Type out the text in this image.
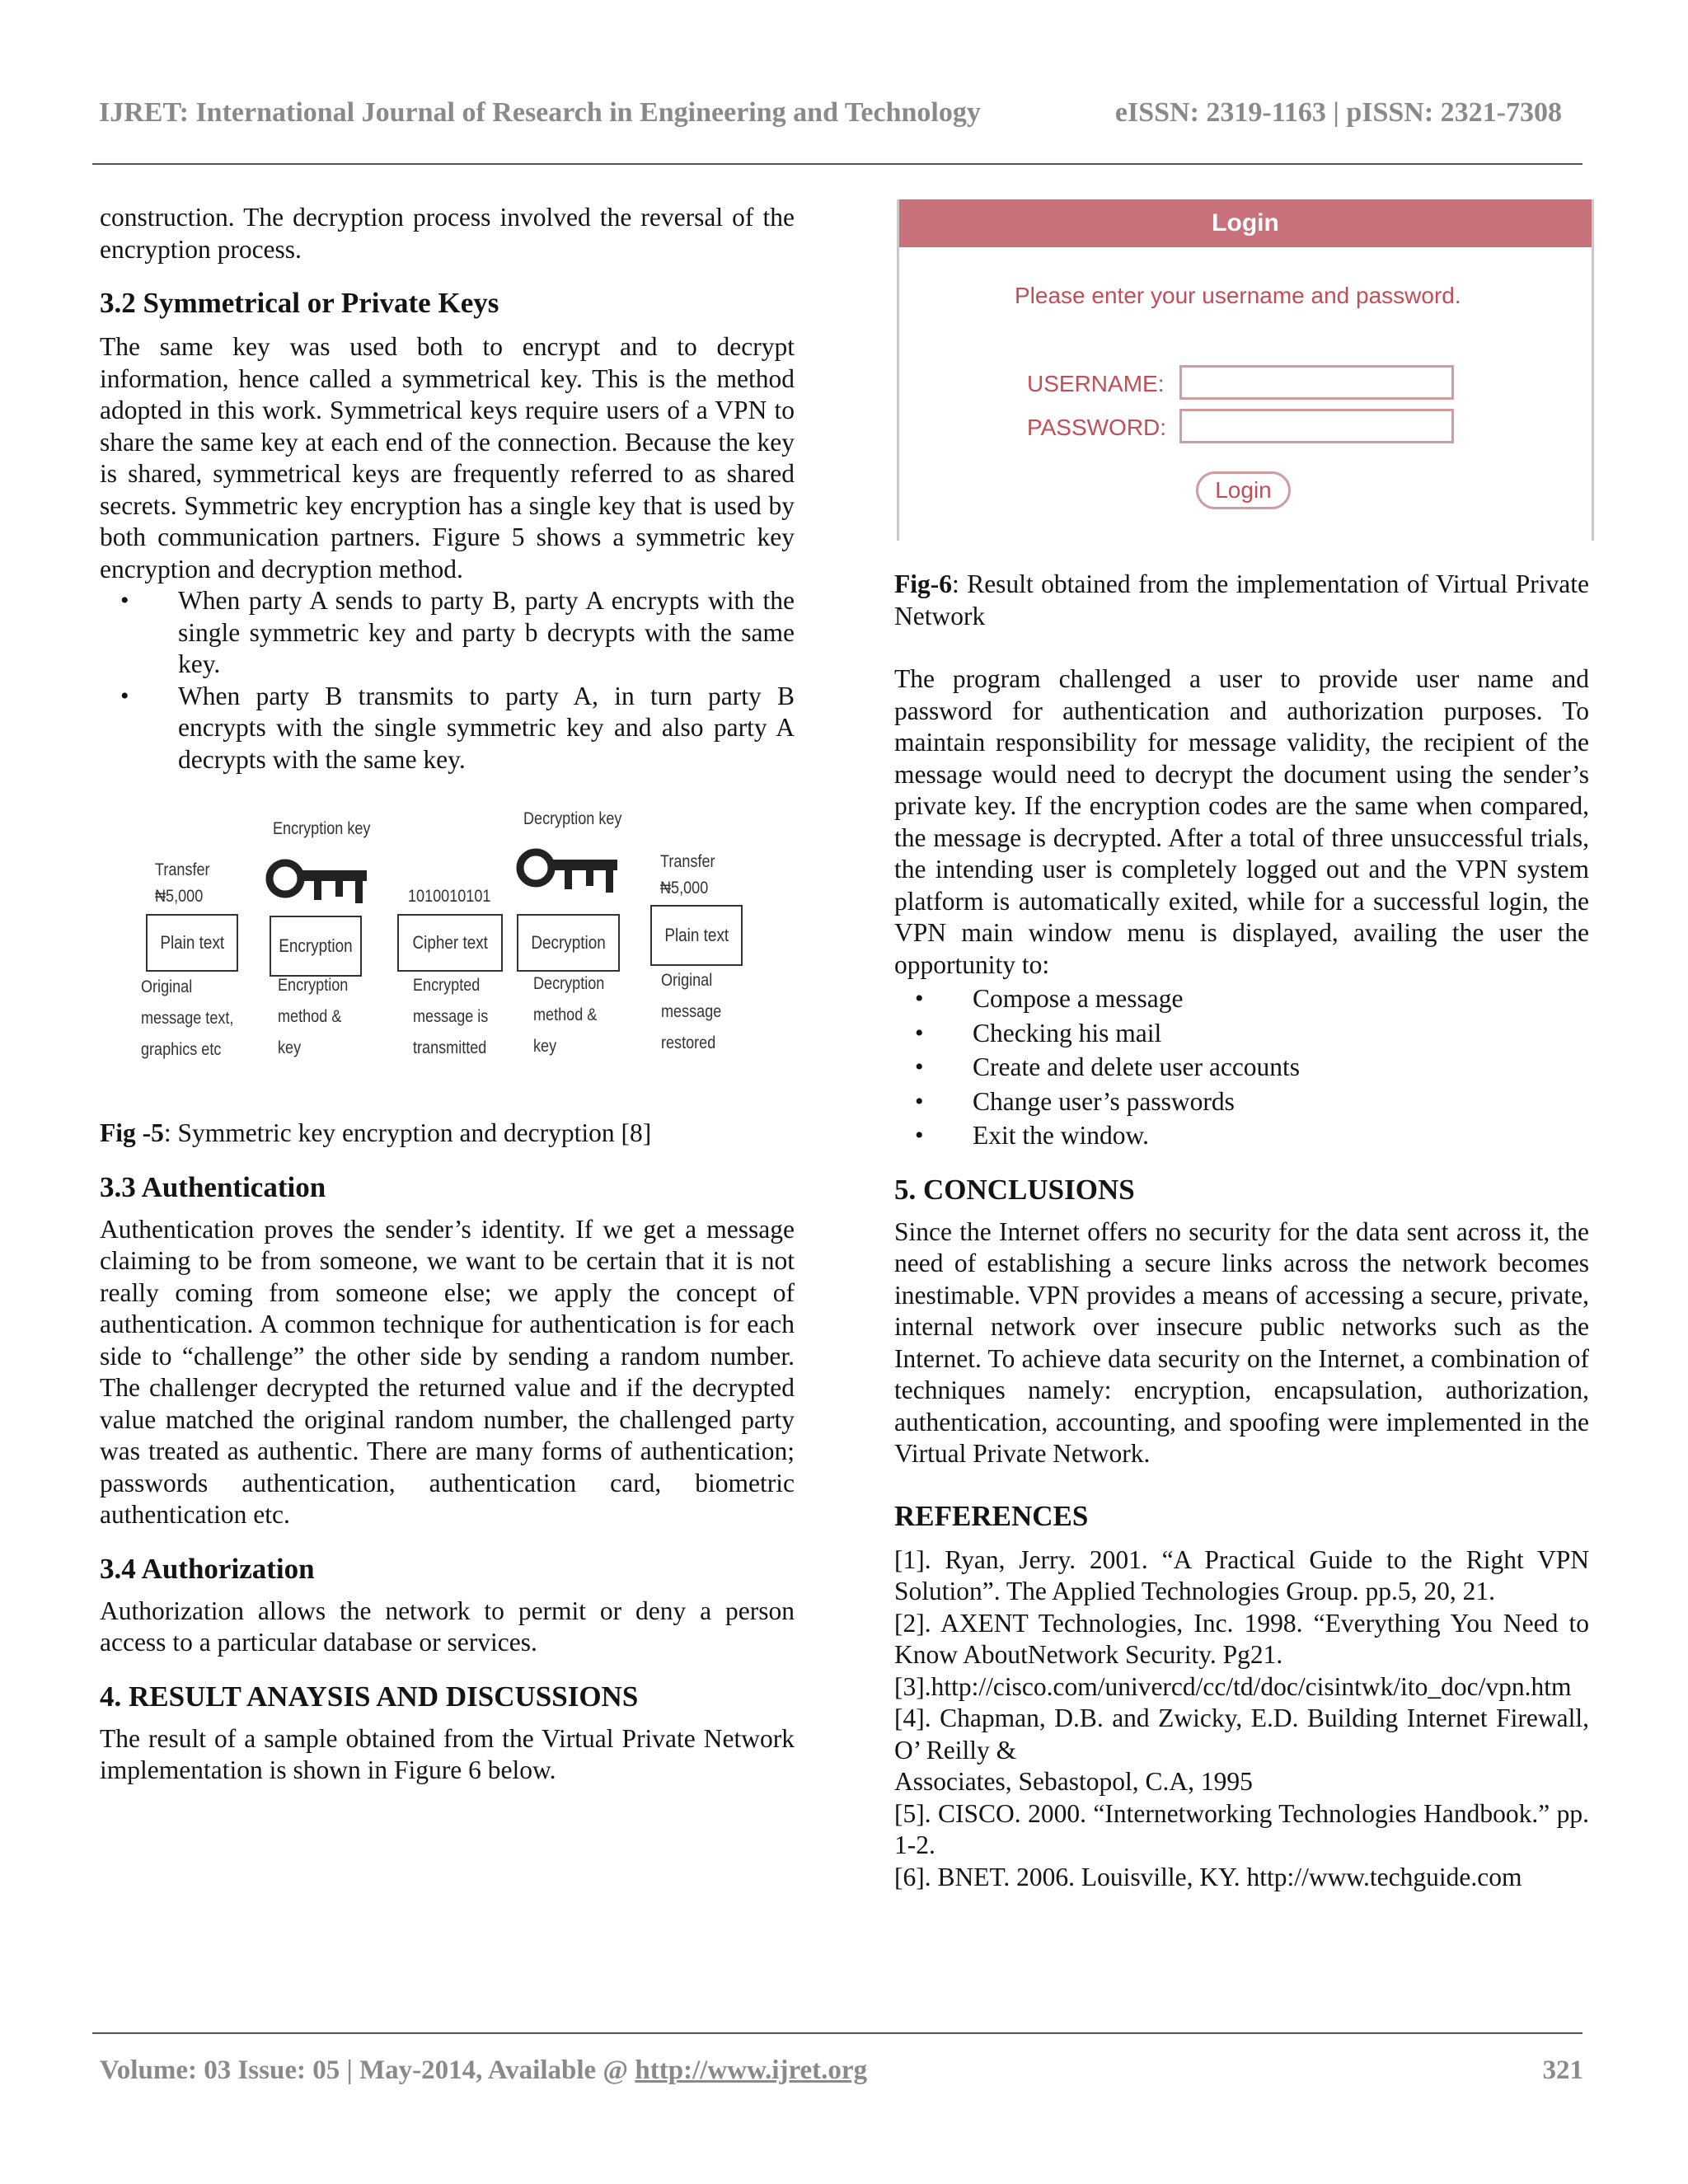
IJRET: International Journal of Research in Engineering and Technology	eISSN: 2319-1163 | pISSN: 2321-7308

construction. The decryption process involved the reversal of the encryption process.

3.2 Symmetrical or Private Keys

The same key was used both to encrypt and to decrypt information, hence called a symmetrical key. This is the method adopted in this work. Symmetrical keys require users of a VPN to share the same key at each end of the connection. Because the key is shared, symmetrical keys are frequently referred to as shared secrets. Symmetric key encryption has a single key that is used by both communication partners. Figure 5 shows a symmetric key encryption and decryption method.

• When party A sends to party B, party A encrypts with the single symmetric key and party b decrypts with the same key.
• When party B transmits to party A, in turn party B encrypts with the single symmetric key and also party A decrypts with the same key.
Encryption key
Decryption key
Transfer
₦5,000	1010010101
Transfer
₦5,000
Plain text	Encryption	Cipher text Decryption	Plain text
Original
message text,
graphics etc
Encryption
method &
key
Encrypted
message is
transmitted
Decryption
method &
key
Original
message
restored

Fig -5: Symmetric key encryption and decryption [8]

3.3 Authentication

Authentication proves the sender’s identity. If we get a message claiming to be from someone, we want to be certain that it is not really coming from someone else; we apply the concept of authentication. A common technique for authentication is for each side to “challenge” the other side by sending a random number. The challenger decrypted the returned value and if the decrypted value matched the original random number, the challenged party was treated as authentic. There are many forms of authentication; passwords authentication, authentication card, biometric authentication etc.

3.4 Authorization

Authorization allows the network to permit or deny a person access to a particular database or services.

4. RESULT ANAYSIS AND DISCUSSIONS

The result of a sample obtained from the Virtual Private Network implementation is shown in Figure 6 below.

Login
Please enter your username and password.
USERNAME:
PASSWORD:
Login

Fig-6: Result obtained from the implementation of Virtual Private Network

The program challenged a user to provide user name and password for authentication and authorization purposes. To maintain responsibility for message validity, the recipient of the message would need to decrypt the document using the sender’s private key. If the encryption codes are the same when compared, the message is decrypted. After a total of three unsuccessful trials, the intending user is completely logged out and the VPN system platform is automatically exited, while for a successful login, the VPN main window menu is displayed, availing the user the opportunity to:

• Compose a message
• Checking his mail
• Create and delete user accounts
• Change user’s passwords
• Exit the window.
5. CONCLUSIONS

Since the Internet offers no security for the data sent across it, the need of establishing a secure links across the network becomes inestimable. VPN provides a means of accessing a secure, private, internal network over insecure public networks such as the Internet. To achieve data security on the Internet, a combination of techniques namely: encryption, encapsulation, authorization, authentication, accounting, and spoofing were implemented in the Virtual Private Network.

REFERENCES

[1]. Ryan, Jerry. 2001. “A Practical Guide to the Right VPN Solution”. The Applied Technologies Group. pp.5, 20, 21.

[2]. AXENT Technologies, Inc. 1998. “Everything You Need to Know AboutNetwork Security. Pg21.

[3].http://cisco.com/univercd/cc/td/doc/cisintwk/ito_doc/vpn.htm

[4]. Chapman, D.B. and Zwicky, E.D. Building Internet Firewall, O’ Reilly &

Associates, Sebastopol, C.A, 1995

[5]. CISCO. 2000. “Internetworking Technologies Handbook.” pp. 1-2.

[6]. BNET. 2006. Louisville, KY. http://www.techguide.com

Volume: 03 Issue: 05 | May-2014, Available @ http://www.ijret.org	321
